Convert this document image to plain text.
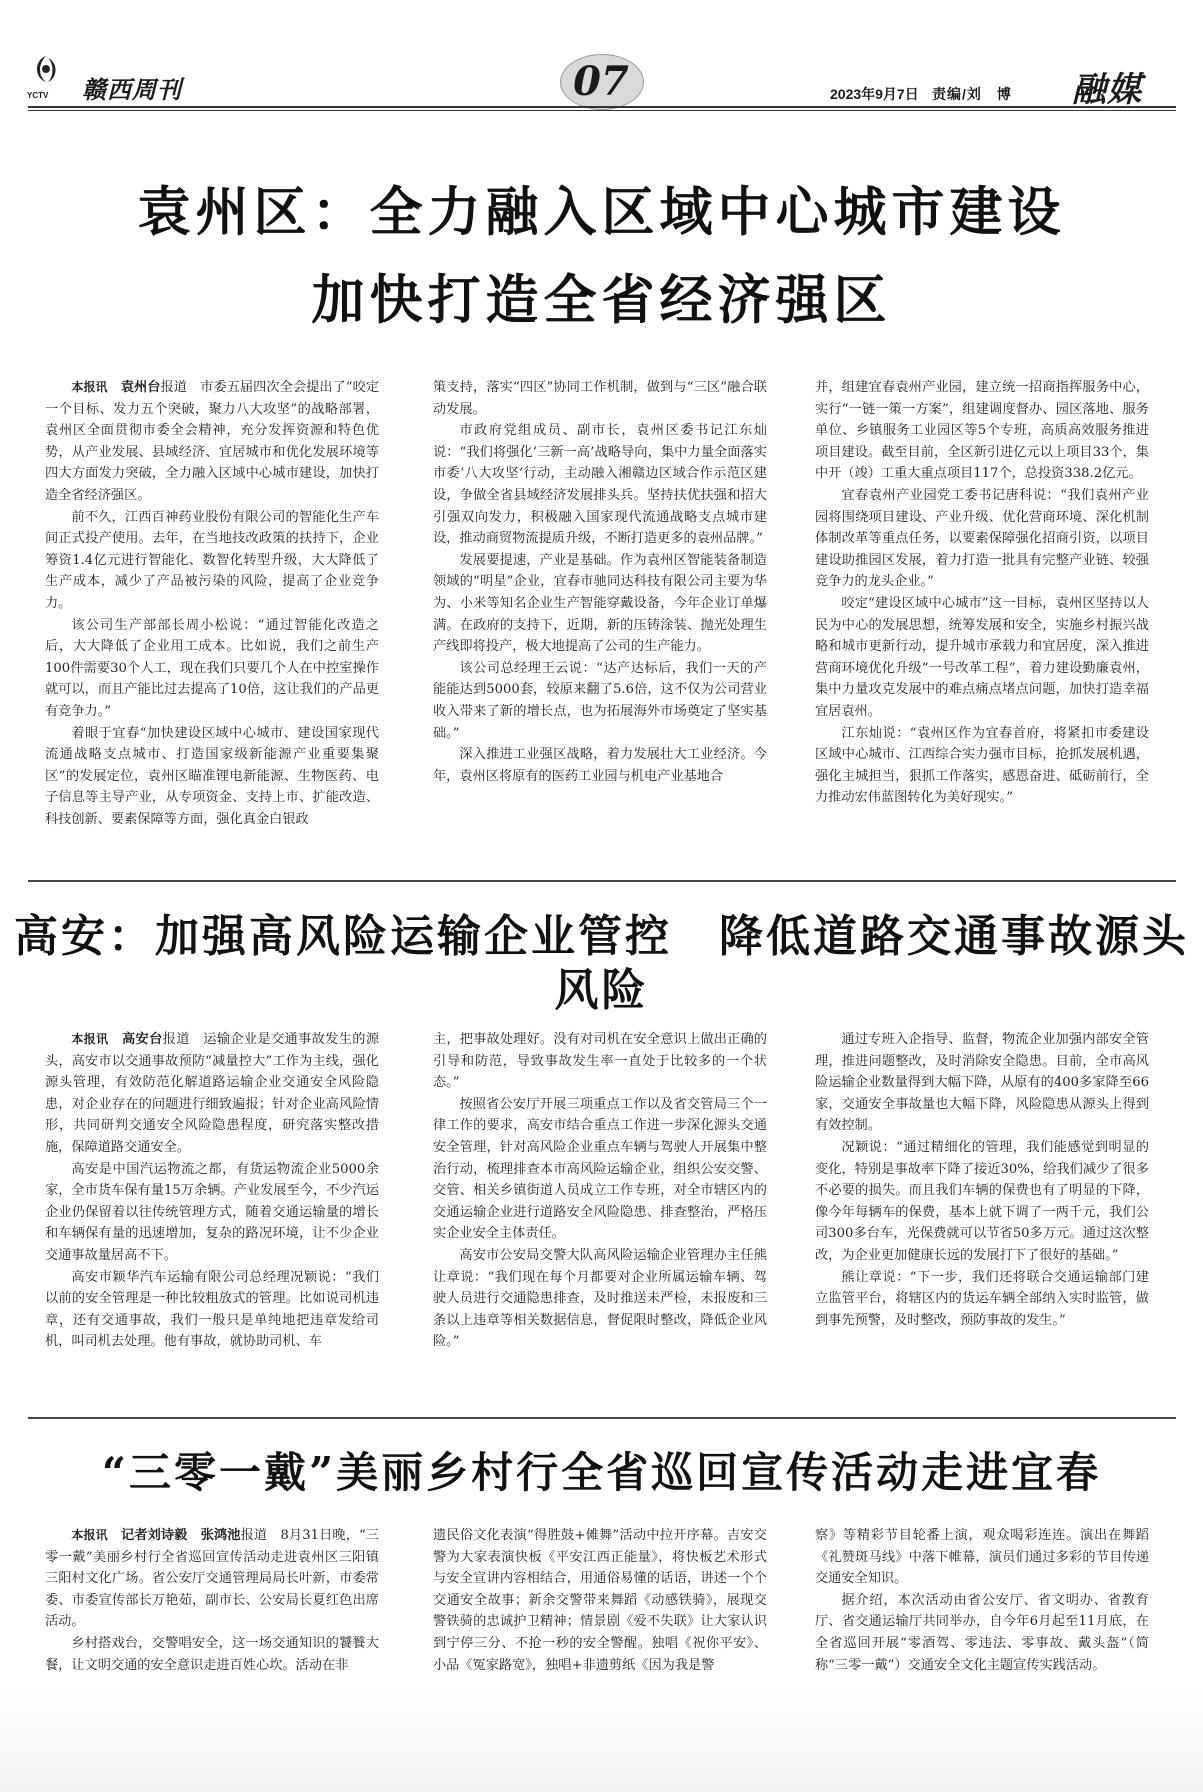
YCTV 赣西周刊	07	2023年9月7日 责编/刘　博 融媒
袁州区：全力融入区域中心城市建设
加快打造全省经济强区

本报讯　 袁州台报道　市委五届四次全会提出了“咬定一个目标、发力五个突破，聚力八大攻坚”的战略部署，袁州区全面贯彻市委全会精神，充分发挥资源和特色优势，从产业发展、县域经济、宜居城市和优化发展环境等四大方面发力突破，全力融入区域中心城市建设，加快打造全省经济强区。

前不久，江西百神药业股份有限公司的智能化生产车间正式投产使用。去年，在当地技改政策的扶持下，企业筹资1.4亿元进行智能化、数智化转型升级，大大降低了生产成本，减少了产品被污染的风险，提高了企业竞争力。

该公司生产部部长周小松说：“通过智能化改造之后，大大降低了企业用工成本。比如说，我们之前生产100件需要30个人工，现在我们只要几个人在中控室操作就可以，而且产能比过去提高了10倍，这让我们的产品更有竞争力。”

着眼于宜春“加快建设区域中心城市、建设国家现代流通战略支点城市、打造国家级新能源产业重要集聚区”的发展定位，袁州区瞄准锂电新能源、生物医药、电子信息等主导产业，从专项资金、支持上市、扩能改造、科技创新、要素保障等方面，强化真金白银政

策支持，落实“四区”协同工作机制，做到与“三区”融合联动发展。

市政府党组成员、副市长，袁州区委书记江东灿说：“我们将强化‘三新一高’战略导向，集中力量全面落实市委‘八大攻坚’行动，主动融入湘赣边区域合作示范区建设，争做全省县域经济发展排头兵。坚持扶优扶强和招大引强双向发力，积极融入国家现代流通战略支点城市建设，推动商贸物流提质升级，不断打造更多的袁州品牌。”

发展要提速，产业是基础。作为袁州区智能装备制造领域的“明星”企业，宜春市驰同达科技有限公司主要为华为、小米等知名企业生产智能穿戴设备，今年企业订单爆满。在政府的支持下，近期，新的压铸涂装、抛光处理生产线即将投产，极大地提高了公司的生产能力。

该公司总经理王云说：“达产达标后，我们一天的产能能达到5000套，较原来翻了5.6倍，这不仅为公司营业收入带来了新的增长点，也为拓展海外市场奠定了坚实基础。”

深入推进工业强区战略，着力发展壮大工业经济。今年，袁州区将原有的医药工业园与机电产业基地合

并，组建宜春袁州产业园，建立统一招商指挥服务中心，实行“一链一策一方案”，组建调度督办、园区落地、服务单位、乡镇服务工业园区等5个专班，高质高效服务推进项目建设。截至目前，全区新引进亿元以上项目33个，集中开（竣）工重大重点项目117个，总投资338.2亿元。

宜春袁州产业园党工委书记唐科说：“我们袁州产业园将围绕项目建设、产业升级、优化营商环境、深化机制体制改革等重点任务，以要素保障强化招商引资，以项目建设助推园区发展，着力打造一批具有完整产业链、较强竞争力的龙头企业。”

咬定“建设区域中心城市”这一目标，袁州区坚持以人民为中心的发展思想，统筹发展和安全，实施乡村振兴战略和城市更新行动，提升城市承载力和宜居度，深入推进营商环境优化升级“一号改革工程”，着力建设勤廉袁州，集中力量攻克发展中的难点痛点堵点问题，加快打造幸福宜居袁州。

江东灿说：“袁州区作为宜春首府，将紧扣市委建设区域中心城市、江西综合实力强市目标，抢抓发展机遇，强化主城担当，狠抓工作落实，感恩奋进、砥砺前行，全力推动宏伟蓝图转化为美好现实。”

高安：加强高风险运输企业管控　降低道路交通事故源头风险

本报讯　 高安台报道　运输企业是交通事故发生的源头，高安市以交通事故预防“减量控大”工作为主线，强化源头管理，有效防范化解道路运输企业交通安全风险隐患，对企业存在的问题进行细致遍报；针对企业高风险情形，共同研判交通安全风险隐患程度，研究落实整改措施，保障道路交通安全。

高安是中国汽运物流之都，有货运物流企业5000余家，全市货车保有量15万余辆。产业发展至今，不少汽运企业仍保留着以往传统管理方式，随着交通运输量的增长和车辆保有量的迅速增加，复杂的路况环境，让不少企业交通事故量居高不下。

高安市颖华汽车运输有限公司总经理况颖说：“我们以前的安全管理是一种比较粗放式的管理。比如说司机违章，还有交通事故，我们一般只是单纯地把违章发给司机，叫司机去处理。他有事故，就协助司机、车

主，把事故处理好。没有对司机在安全意识上做出正确的引导和防范，导致事故发生率一直处于比较多的一个状态。”

按照省公安厅开展三项重点工作以及省交管局三个一律工作的要求，高安市结合重点工作进一步深化源头交通安全管理，针对高风险企业重点车辆与驾驶人开展集中整治行动，梳理排查本市高风险运输企业，组织公安交警、交管、相关乡镇街道人员成立工作专班，对全市辖区内的交通运输企业进行道路安全风险隐患、排查整治，严格压实企业安全主体责任。

高安市公安局交警大队高风险运输企业管理办主任熊让章说：“我们现在每个月都要对企业所属运输车辆、驾驶人员进行交通隐患排查，及时推送未严检，未报废和三条以上违章等相关数据信息，督促限时整改，降低企业风险。”

通过专班入企指导、监督，物流企业加强内部安全管理，推进问题整改，及时消除安全隐患。目前，全市高风险运输企业数量得到大幅下降，从原有的400多家降至66家，交通安全事故量也大幅下降，风险隐患从源头上得到有效控制。

况颖说：“通过精细化的管理，我们能感觉到明显的变化，特别是事故率下降了接近30%，给我们减少了很多不必要的损失。而且我们车辆的保费也有了明显的下降，像今年每辆车的保费，基本上就下调了一两千元，我们公司300多台车，光保费就可以节省50多万元。通过这次整改，为企业更加健康长远的发展打下了很好的基础。”

熊让章说：“下一步，我们还将联合交通运输部门建立监管平台，将辖区内的货运车辆全部纳入实时监管，做到事先预警，及时整改，预防事故的发生。”

“三零一戴”美丽乡村行全省巡回宣传活动走进宜春

本报讯　 记者刘诗毅　张鸿池报道　8月31日晚，“三零一戴”美丽乡村行全省巡回宣传活动走进袁州区三阳镇三阳村文化广场。省公安厅交通管理局局长叶新，市委常委、市委宣传部长万艳茹，副市长、公安局长夏红色出席活动。

乡村搭戏台，交警唱安全，这一场交通知识的饕餮大餐，让文明交通的安全意识走进百姓心坎。活动在非

遗民俗文化表演“得胜鼓+傩舞”活动中拉开序幕。吉安交警为大家表演快板《平安江西正能量》，将快板艺术形式与安全宣讲内容相结合，用通俗易懂的话语，讲述一个个交通安全故事；新余交警带来舞蹈《动感铁骑》，展现交警铁骑的忠诚护卫精神；情景剧《爱不失联》让大家认识到宁停三分、不抢一秒的安全警醒。独唱《祝你平安》、小品《冤家路宽》，独唱+非遗剪纸《因为我是警

察》等精彩节目轮番上演，观众喝彩连连。演出在舞蹈《礼赞斑马线》中落下帷幕，演员们通过多彩的节目传递交通安全知识。

据介绍，本次活动由省公安厅、省文明办、省教育厅、省交通运输厅共同举办，自今年6月起至11月底，在全省巡回开展“零酒驾、零违法、零事故、戴头盔”（简称“三零一戴”）交通安全文化主题宣传实践活动。
